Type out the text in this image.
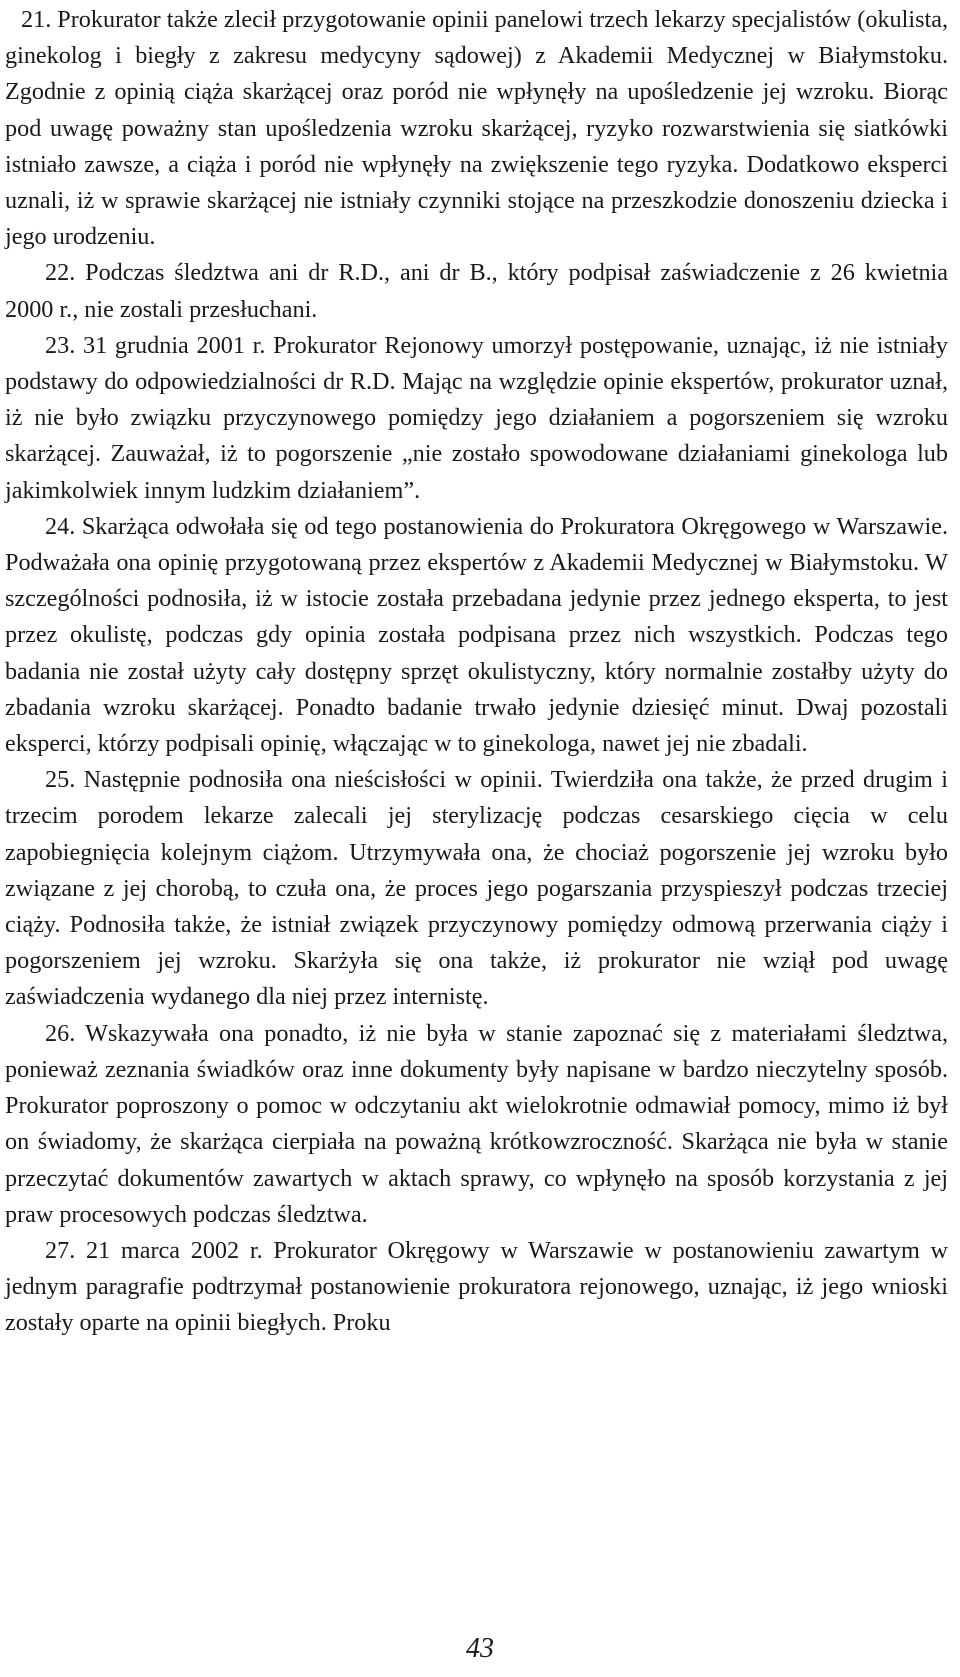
21. Prokurator także zlecił przygotowanie opinii panelowi trzech lekarzy specjalistów (okulista, ginekolog i biegły z zakresu medycyny sądowej) z Akademii Medycznej w Białymstoku. Zgodnie z opinią ciąża skarżącej oraz poród nie wpłynęły na upośledzenie jej wzroku. Biorąc pod uwagę poważny stan upośledzenia wzroku skarżącej, ryzyko rozwarstwienia się siatkówki istniało zawsze, a ciąża i poród nie wpłynęły na zwiększenie tego ryzyka. Dodatkowo eksperci uznali, iż w sprawie skarżącej nie istniały czynniki stojące na przeszkodzie donoszeniu dziecka i jego urodzeniu.

22. Podczas śledztwa ani dr R.D., ani dr B., który podpisał zaświadczenie z 26 kwietnia 2000 r., nie zostali przesłuchani.

23. 31 grudnia 2001 r. Prokurator Rejonowy umorzył postępowanie, uznając, iż nie istniały podstawy do odpowiedzialności dr R.D. Mając na względzie opinie ekspertów, prokurator uznał, iż nie było związku przyczynowego pomiędzy jego działaniem a pogorszeniem się wzroku skarżącej. Zauważał, iż to pogorszenie „nie zostało spowodowane działaniami ginekologa lub jakimkolwiek innym ludzkim działaniem”.

24. Skarżąca odwołała się od tego postanowienia do Prokuratora Okręgowego w Warszawie. Podważała ona opinię przygotowaną przez ekspertów z Akademii Medycznej w Białymstoku. W szczególności podnosiła, iż w istocie została przebadana jedynie przez jednego eksperta, to jest przez okulistę, podczas gdy opinia została podpisana przez nich wszystkich. Podczas tego badania nie został użyty cały dostępny sprzęt okulistyczny, który normalnie zostałby użyty do zbadania wzroku skarżącej. Ponadto badanie trwało jedynie dziesięć minut. Dwaj pozostali eksperci, którzy podpisali opinię, włączając w to ginekologa, nawet jej nie zbadali.

25. Następnie podnosiła ona nieścisłości w opinii. Twierdziła ona także, że przed drugim i trzecim porodem lekarze zalecali jej sterylizację podczas cesarskiego cięcia w celu zapobiegnięcia kolejnym ciążom. Utrzymywała ona, że chociaż pogorszenie jej wzroku było związane z jej chorobą, to czuła ona, że proces jego pogarszania przyspieszył podczas trzeciej ciąży. Podnosiła także, że istniał związek przyczynowy pomiędzy odmową przerwania ciąży i pogorszeniem jej wzroku. Skarżyła się ona także, iż prokurator nie wziął pod uwagę zaświadczenia wydanego dla niej przez internistę.

26. Wskazywała ona ponadto, iż nie była w stanie zapoznać się z materiałami śledztwa, ponieważ zeznania świadków oraz inne dokumenty były napisane w bardzo nieczytelny sposób. Prokurator poproszony o pomoc w odczytaniu akt wielokrotnie odmawiał pomocy, mimo iż był on świadomy, że skarżąca cierpiała na poważną krótkowzroczność. Skarżąca nie była w stanie przeczytać dokumentów zawartych w aktach sprawy, co wpłynęło na sposób korzystania z jej praw procesowych podczas śledztwa.

27. 21 marca 2002 r. Prokurator Okręgowy w Warszawie w postanowieniu zawartym w jednym paragrafie podtrzymał postanowienie prokuratora rejonowego, uznając, iż jego wnioski zostały oparte na opinii biegłych. Proku

43
